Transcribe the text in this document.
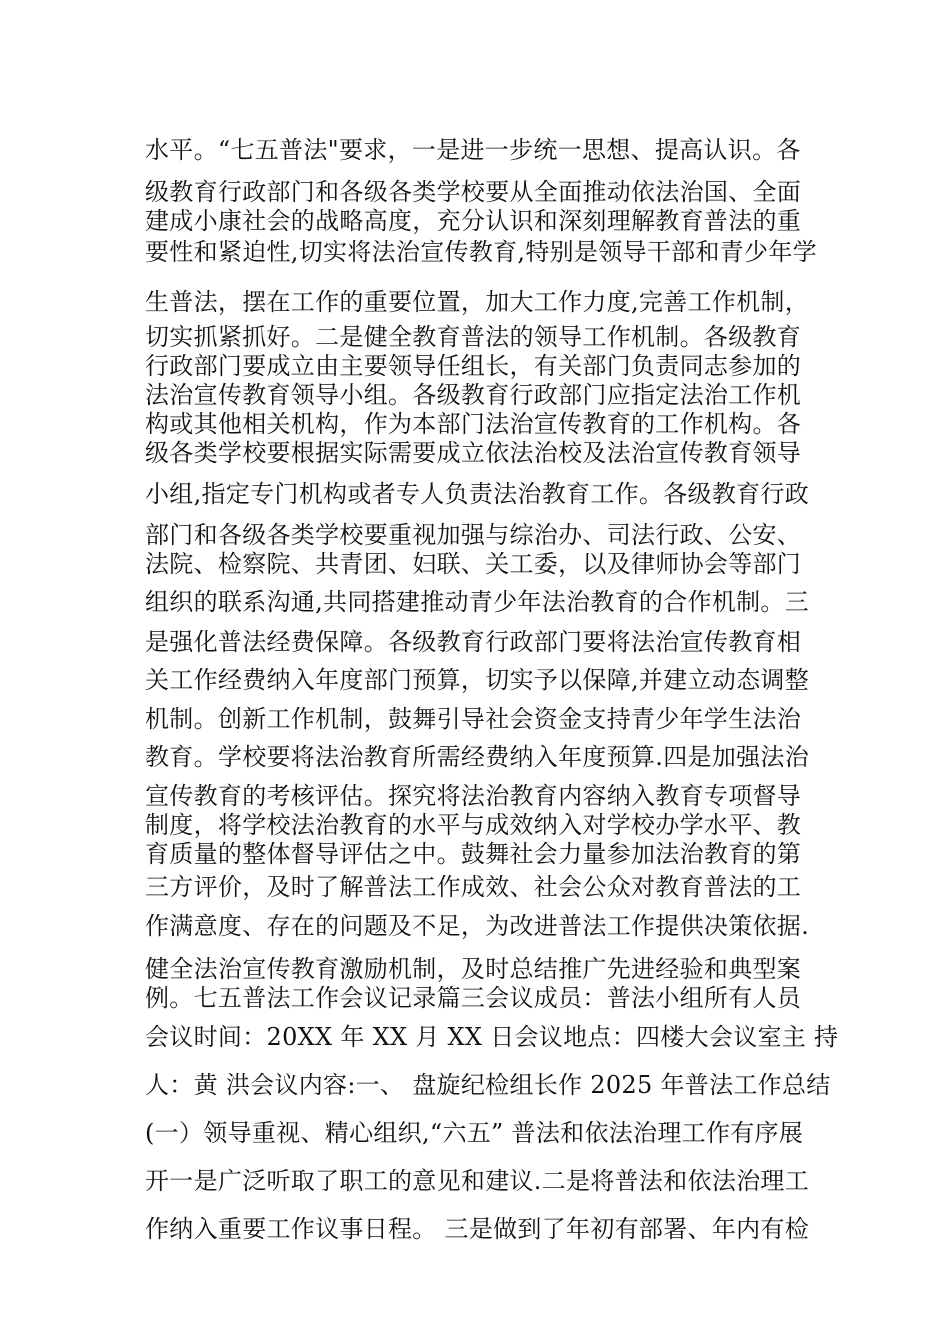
水平。“七五普法"要求，一是进一步统一思想、提高认识。各
级教育行政部门和各级各类学校要从全面推动依法治国、全面
建成小康社会的战略高度，充分认识和深刻理解教育普法的重
要性和紧迫性,切实将法治宣传教育,特别是领导干部和青少年学
生普法，摆在工作的重要位置，加大工作力度,完善工作机制，
切实抓紧抓好。二是健全教育普法的领导工作机制。各级教育
行政部门要成立由主要领导任组长，有关部门负责同志参加的
法治宣传教育领导小组。各级教育行政部门应指定法治工作机
构或其他相关机构，作为本部门法治宣传教育的工作机构。各
级各类学校要根据实际需要成立依法治校及法治宣传教育领导
小组,指定专门机构或者专人负责法治教育工作。各级教育行政
部门和各级各类学校要重视加强与综治办、司法行政、公安、
法院、检察院、共青团、妇联、关工委，以及律师协会等部门
组织的联系沟通,共同搭建推动青少年法治教育的合作机制。三
是强化普法经费保障。各级教育行政部门要将法治宣传教育相
关工作经费纳入年度部门预算，切实予以保障,并建立动态调整
机制。创新工作机制，鼓舞引导社会资金支持青少年学生法治
教育。学校要将法治教育所需经费纳入年度预算.四是加强法治
宣传教育的考核评估。探究将法治教育内容纳入教育专项督导
制度，将学校法治教育的水平与成效纳入对学校办学水平、教
育质量的整体督导评估之中。鼓舞社会力量参加法治教育的第
三方评价，及时了解普法工作成效、社会公众对教育普法的工
作满意度、存在的问题及不足，为改进普法工作提供决策依据.
健全法治宣传教育激励机制，及时总结推广先进经验和典型案
例。七五普法工作会议记录篇三会议成员：普法小组所有人员
会议时间：20XX 年 XX 月 XX 日会议地点：四楼大会议室主 持
人：黄 洪会议内容:一、 盘旋纪检组长作 2025 年普法工作总结
(一）领导重视、精心组织,“六五” 普法和依法治理工作有序展
开一是广泛听取了职工的意见和建议.二是将普法和依法治理工
作纳入重要工作议事日程。 三是做到了年初有部署、年内有检
